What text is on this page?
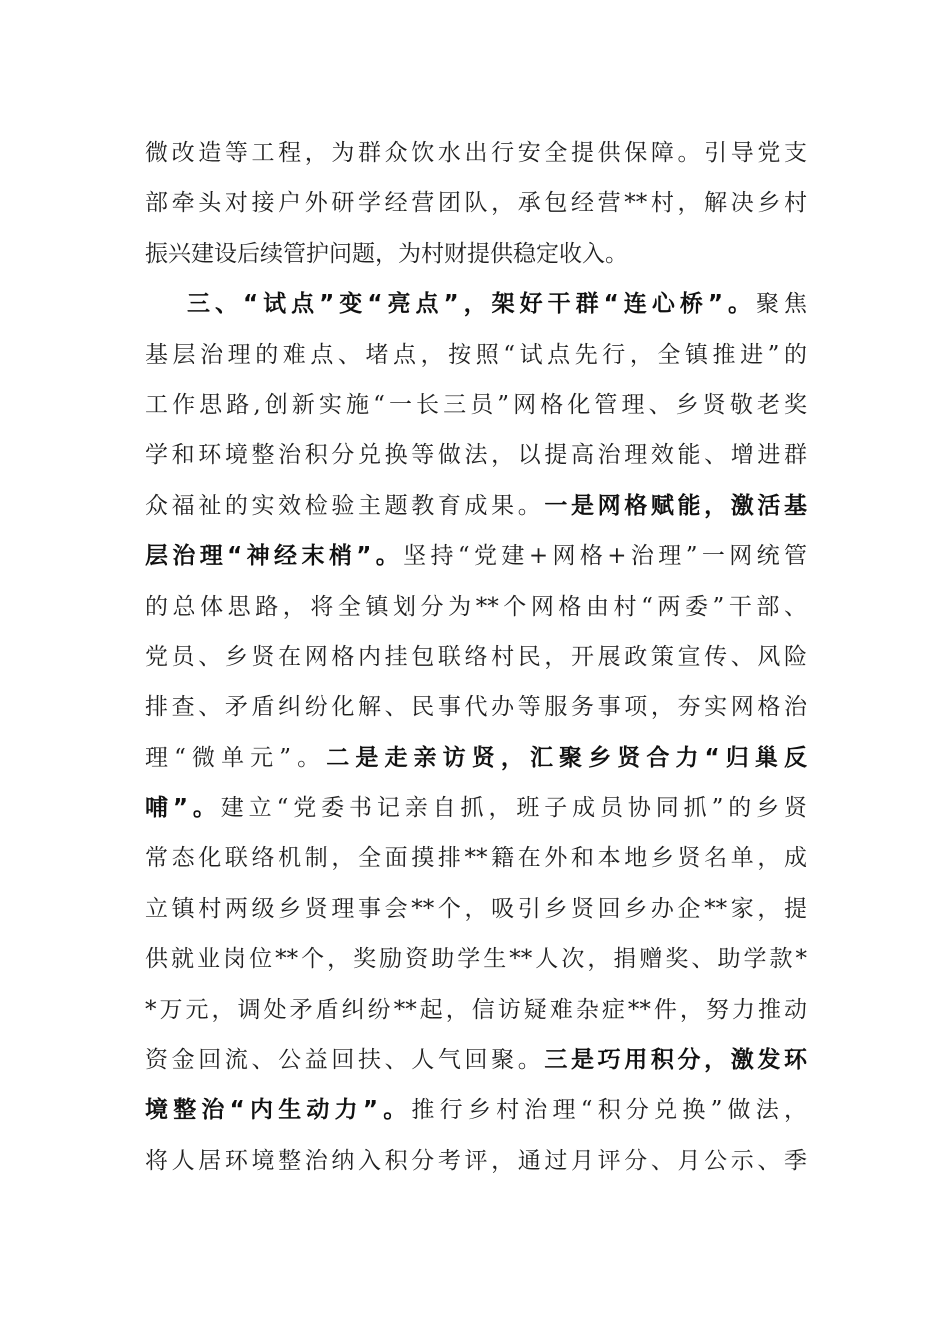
微改造等工程，为群众饮水出行安全提供保障。引导党支
部牵头对接户外研学经营团队，承包经营**村，解决乡村
振兴建设后续管护问题，为村财提供稳定收入。
三、“试点”变“亮点”，架好干群“连心桥”。聚焦
基层治理的难点、堵点，按照“试点先行，全镇推进”的
工作思路,创新实施“一长三员”网格化管理、乡贤敬老奖
学和环境整治积分兑换等做法，以提高治理效能、增进群
众福祉的实效检验主题教育成果。一是网格赋能，激活基
层治理“神经末梢”。坚持“党建+网格+治理”一网统管
的总体思路，将全镇划分为**个网格由村“两委”干部、
党员、乡贤在网格内挂包联络村民，开展政策宣传、风险
排查、矛盾纠纷化解、民事代办等服务事项，夯实网格治
理“微单元”。二是走亲访贤，汇聚乡贤合力“归巢反
哺”。建立“党委书记亲自抓，班子成员协同抓”的乡贤
常态化联络机制，全面摸排**籍在外和本地乡贤名单，成
立镇村两级乡贤理事会**个，吸引乡贤回乡办企**家，提
供就业岗位**个，奖励资助学生**人次，捐赠奖、助学款*
*万元，调处矛盾纠纷**起，信访疑难杂症**件，努力推动
资金回流、公益回扶、人气回聚。三是巧用积分，激发环
境整治“内生动力”。推行乡村治理“积分兑换”做法，
将人居环境整治纳入积分考评，通过月评分、月公示、季
